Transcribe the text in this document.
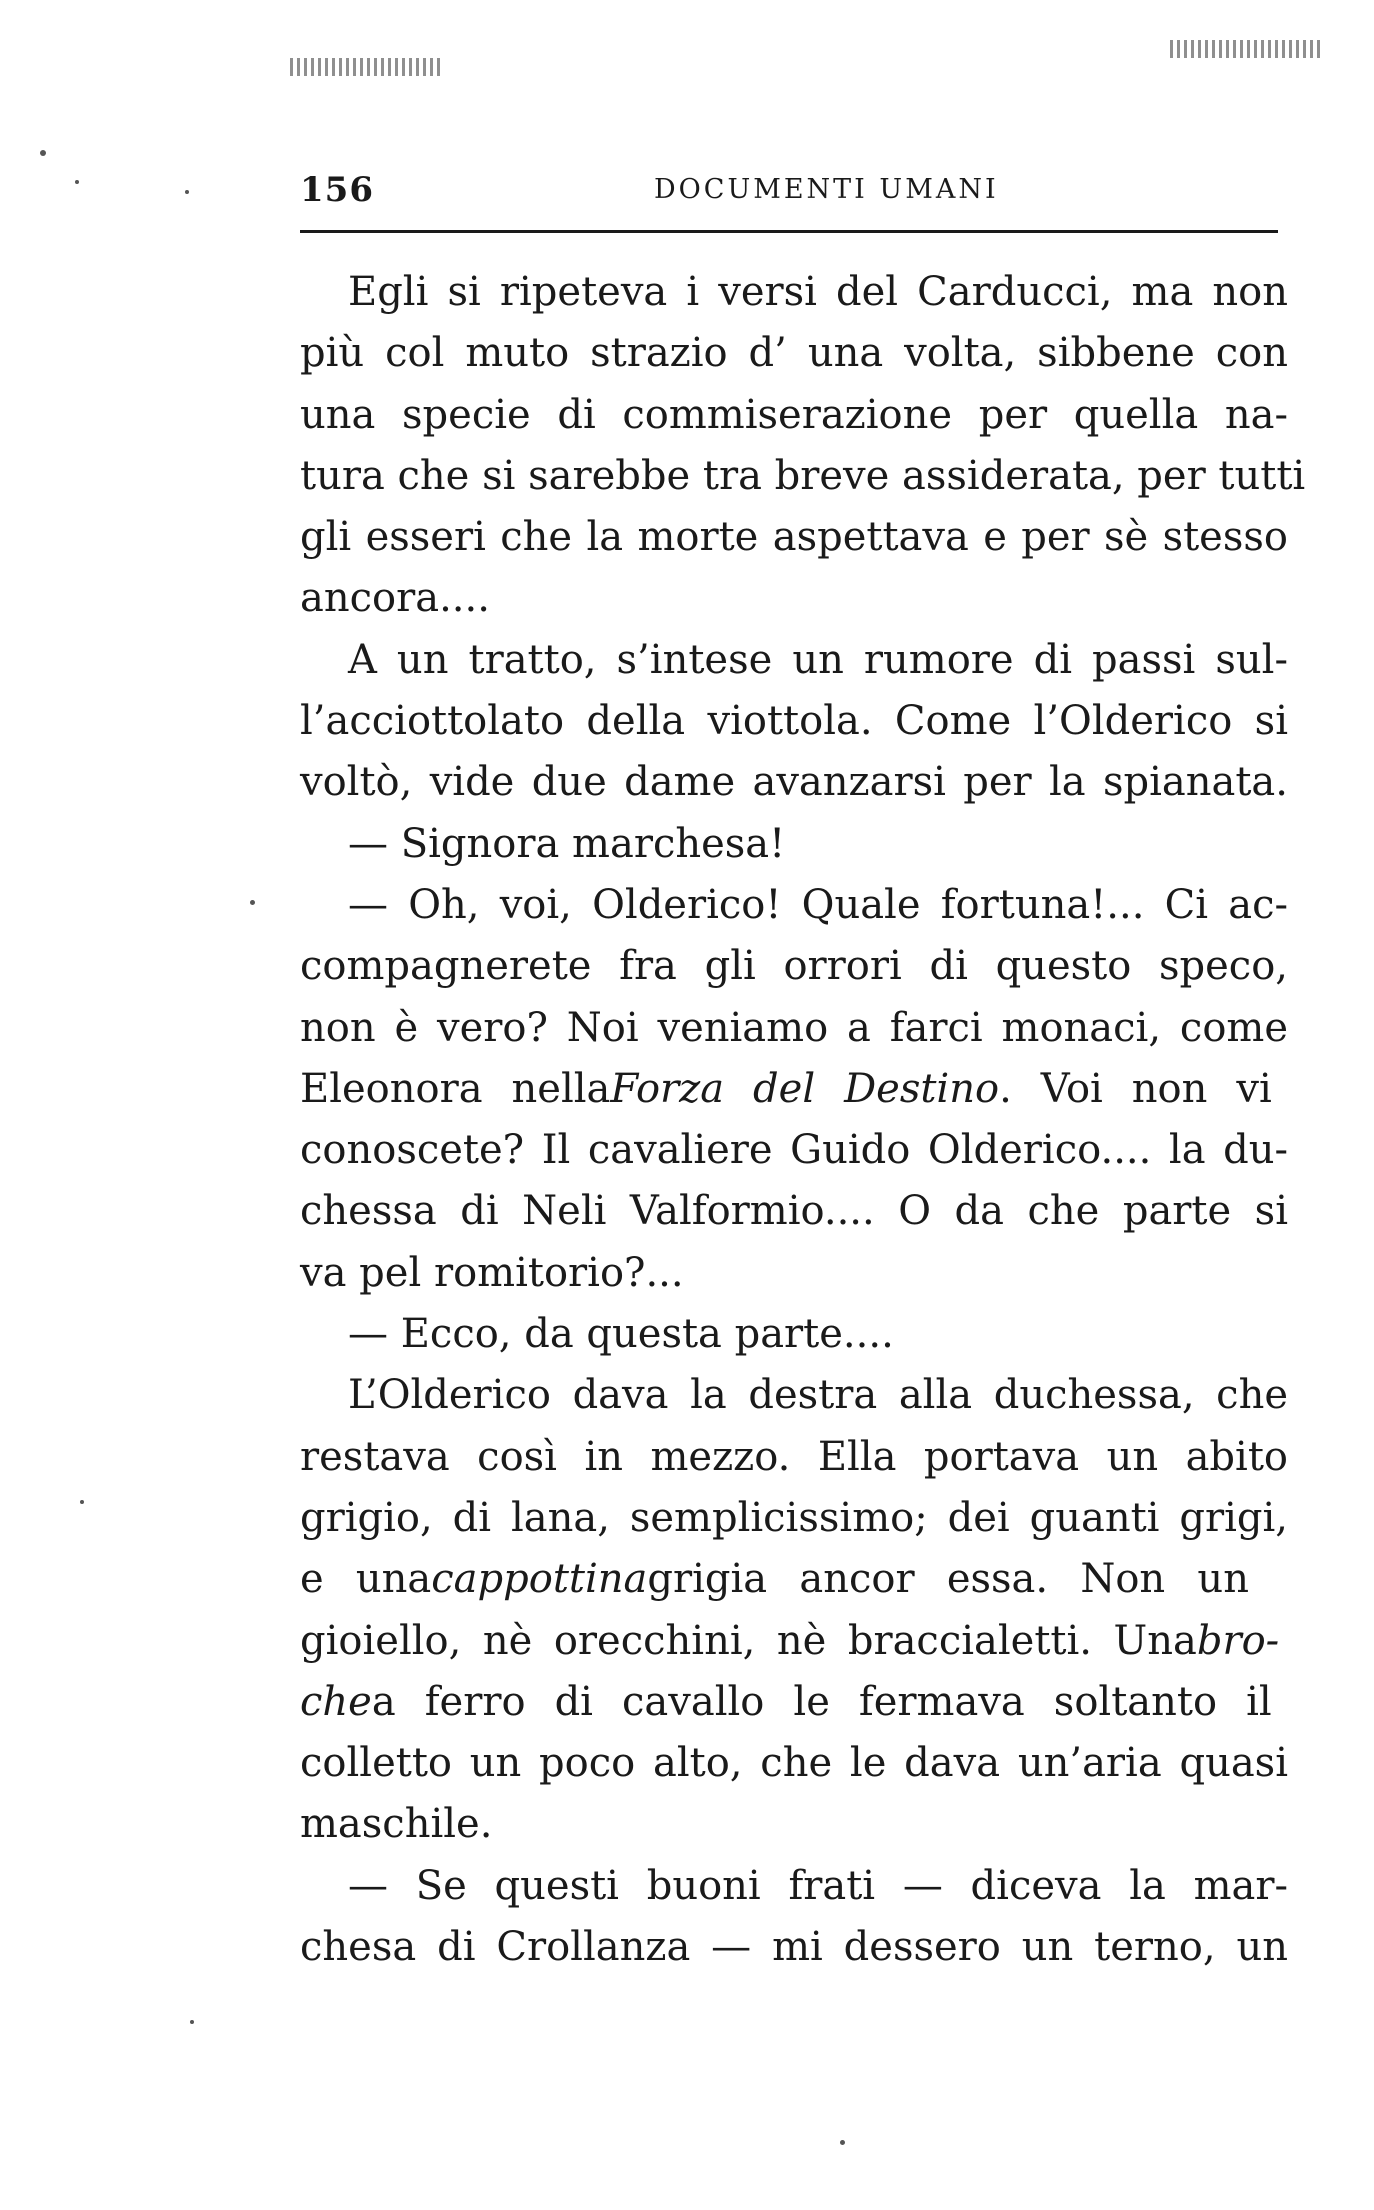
156	DOCUMENTI UMANI
Egli si ripeteva i versi del Carducci, ma non
più col muto strazio d’ una volta, sibbene con
una specie di commiserazione per quella na-
tura che si sarebbe tra breve assiderata, per tutti
gli esseri che la morte aspettava e per sè stesso
ancora....
A un tratto, s’intese un rumore di passi sul-
l’acciottolato della viottola. Come l’Olderico si
voltò, vide due dame avanzarsi per la spianata.
— Signora marchesa!
— Oh, voi, Olderico! Quale fortuna!... Ci ac-
compagnerete fra gli orrori di questo speco,
non è vero? Noi veniamo a farci monaci, come
Eleonora nellaForza del Destino. Voi non vi
conoscete? Il cavaliere Guido Olderico.... la du-
chessa di Neli Valformio.... O da che parte si
va pel romitorio?...
— Ecco, da questa parte....
L’Olderico dava la destra alla duchessa, che
restava così in mezzo. Ella portava un abito
grigio, di lana, semplicissimo; dei guanti grigi,
e unacappottinagrigia ancor essa. Non un
gioiello, nè orecchini, nè braccialetti. Unabro-
chea ferro di cavallo le fermava soltanto il
colletto un poco alto, che le dava un’aria quasi
maschile.
— Se questi buoni frati — diceva la mar-
chesa di Crollanza — mi dessero un terno, un
